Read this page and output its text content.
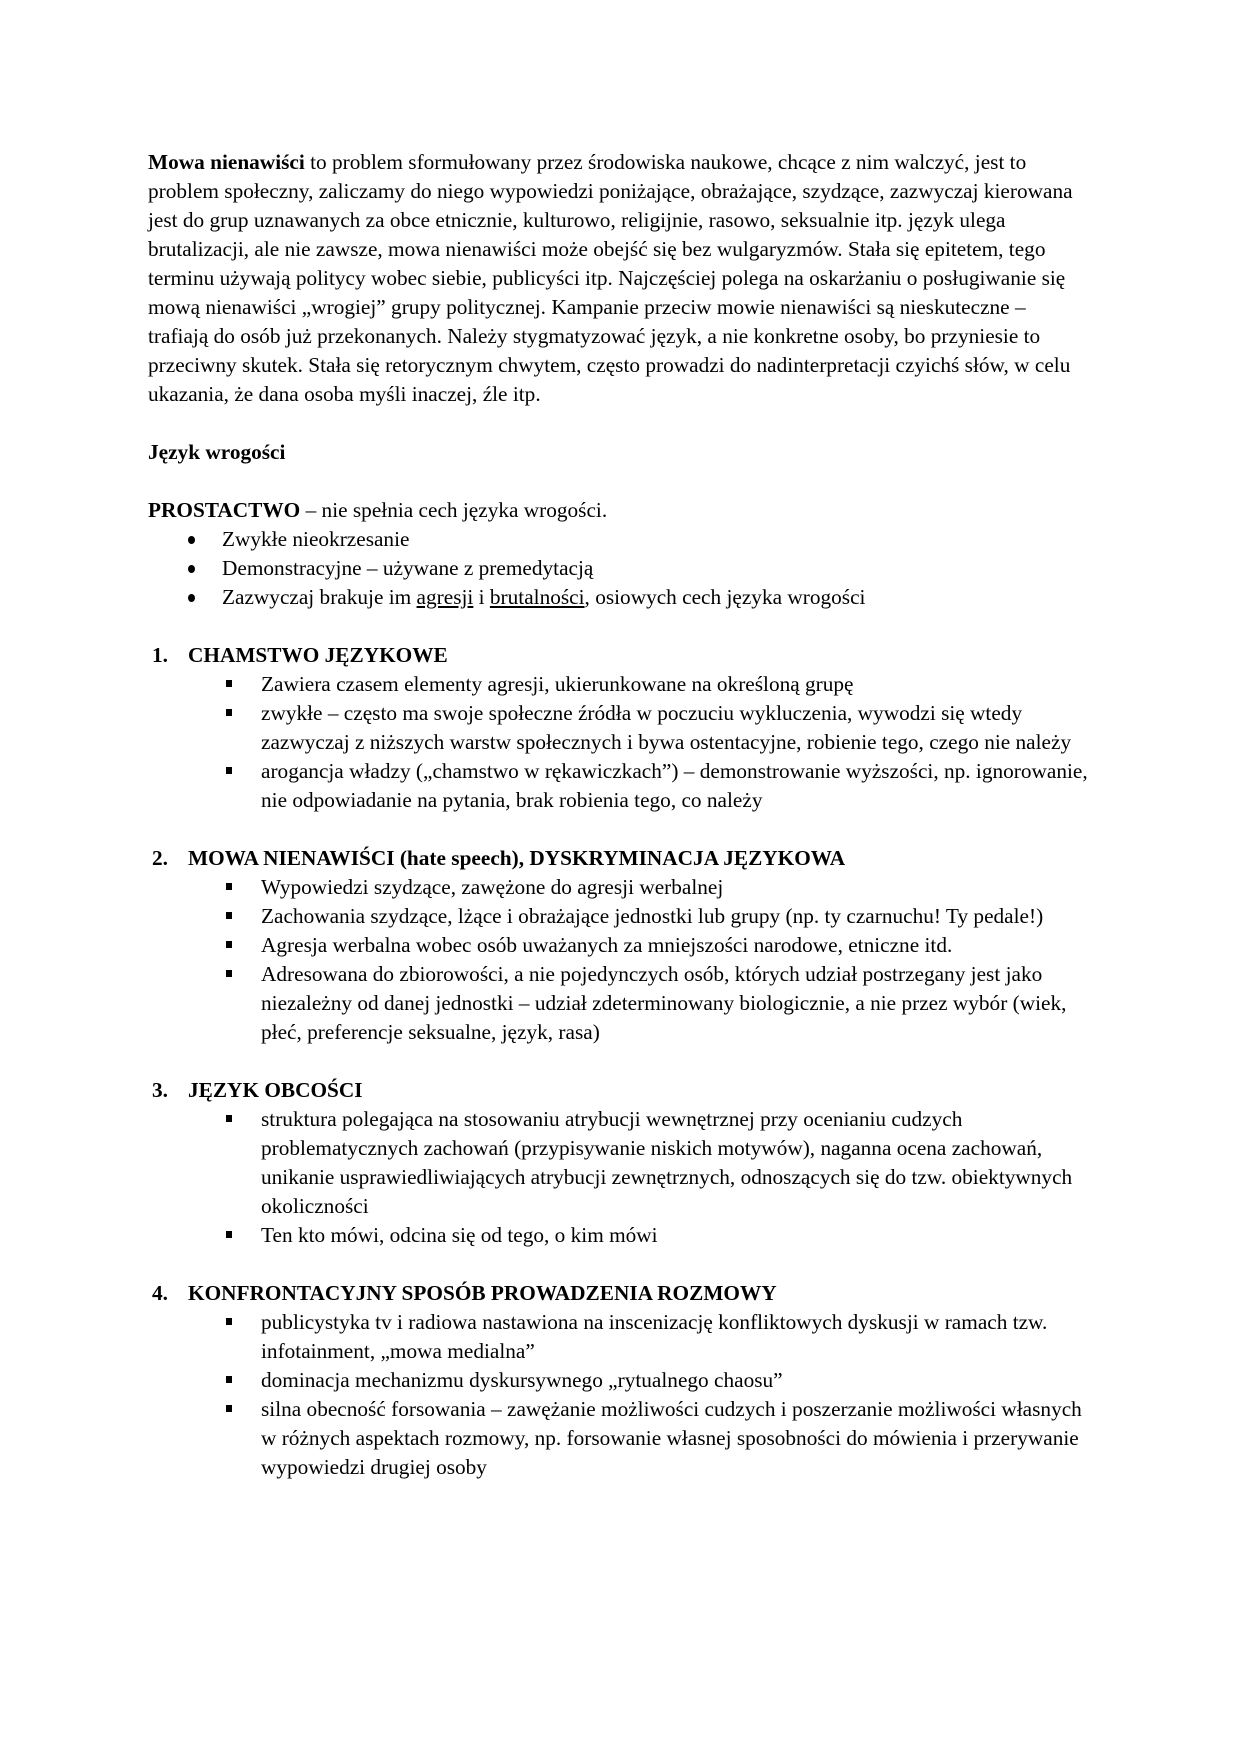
Mowa nienawiści to problem sformułowany przez środowiska naukowe, chcące z nim walczyć, jest to problem społeczny, zaliczamy do niego wypowiedzi poniżające, obrażające, szydzące, zazwyczaj kierowana jest do grup uznawanych za obce etnicznie, kulturowo, religijnie, rasowo, seksualnie itp. język ulega brutalizacji, ale nie zawsze, mowa nienawiści może obejść się bez wulgaryzmów. Stała się epitetem, tego terminu używają politycy wobec siebie, publicyści itp. Najczęściej polega na oskarżaniu o posługiwanie się mową nienawiści „wrogiej” grupy politycznej. Kampanie przeciw mowie nienawiści są nieskuteczne – trafiają do osób już przekonanych. Należy stygmatyzować język, a nie konkretne osoby, bo przyniesie to przeciwny skutek. Stała się retorycznym chwytem, często prowadzi do nadinterpretacji czyichś słów, w celu ukazania, że dana osoba myśli inaczej, źle itp.

Język wrogości

PROSTACTWO – nie spełnia cech języka wrogości.

Zwykłe nieokrzesanie
Demonstracyjne – używane z premedytacją
Zazwyczaj brakuje im agresji i brutalności, osiowych cech języka wrogości
1. CHAMSTWO JĘZYKOWE
Zawiera czasem elementy agresji, ukierunkowane na określoną grupę
zwykłe – często ma swoje społeczne źródła w poczuciu wykluczenia, wywodzi się wtedy zazwyczaj z niższych warstw społecznych i bywa ostentacyjne, robienie tego, czego nie należy
arogancja władzy („chamstwo w rękawiczkach”) – demonstrowanie wyższości, np. ignorowanie, nie odpowiadanie na pytania, brak robienia tego, co należy
2. MOWA NIENAWIŚCI (hate speech), DYSKRYMINACJA JĘZYKOWA
Wypowiedzi szydzące, zawężone do agresji werbalnej
Zachowania szydzące, lżące i obrażające jednostki lub grupy (np. ty czarnuchu! Ty pedale!)
Agresja werbalna wobec osób uważanych za mniejszości narodowe, etniczne itd.
Adresowana do zbiorowości, a nie pojedynczych osób, których udział postrzegany jest jako niezależny od danej jednostki – udział zdeterminowany biologicznie, a nie przez wybór (wiek, płeć, preferencje seksualne, język, rasa)
3. JĘZYK OBCOŚCI
struktura polegająca na stosowaniu atrybucji wewnętrznej przy ocenianiu cudzych problematycznych zachowań (przypisywanie niskich motywów), naganna ocena zachowań, unikanie usprawiedliwiających atrybucji zewnętrznych, odnoszących się do tzw. obiektywnych okoliczności
Ten kto mówi, odcina się od tego, o kim mówi
4. KONFRONTACYJNY SPOSÓB PROWADZENIA ROZMOWY
publicystyka tv i radiowa nastawiona na inscenizację konfliktowych dyskusji w ramach tzw. infotainment, „mowa medialna”
dominacja mechanizmu dyskursywnego „rytualnego chaosu”
silna obecność forsowania – zawężanie możliwości cudzych i poszerzanie możliwości własnych w różnych aspektach rozmowy, np. forsowanie własnej sposobności do mówienia i przerywanie wypowiedzi drugiej osoby
